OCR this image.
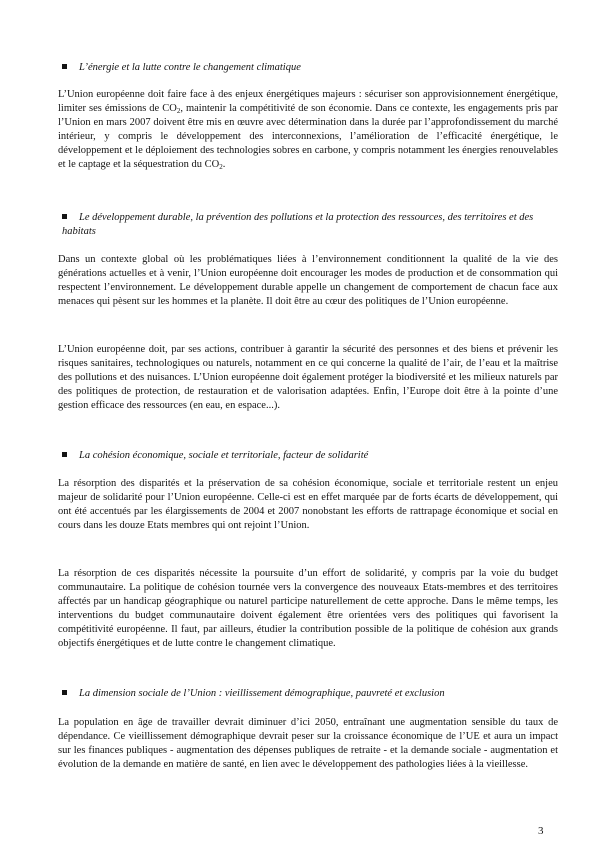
L’énergie et la lutte contre le changement climatique

L’Union européenne doit faire face à des enjeux énergétiques majeurs : sécuriser son approvisionnement énergétique, limiter ses émissions de $CO_2$, maintenir la compétitivité de son économie. Dans ce contexte, les engagements pris par l’Union en mars 2007 doivent être mis en œuvre avec détermination dans la durée par l’approfondissement du marché intérieur, y compris le développement des interconnexions, l’amélioration de l’efficacité énergétique, le développement et le déploiement des technologies sobres en carbone, y compris notamment les énergies renouvelables et le captage et la séquestration du $CO_2$.

Le développement durable, la prévention des pollutions et la protection des ressources, des territoires et des habitats

Dans un contexte global où les problématiques liées à l’environnement conditionnent la qualité de la vie des générations actuelles et à venir, l’Union européenne doit encourager les modes de production et de consommation qui respectent l’environnement. Le développement durable appelle un changement de comportement de chacun face aux menaces qui pèsent sur les hommes et la planète. Il doit être au cœur des politiques de l’Union européenne.

L’Union européenne doit, par ses actions, contribuer à garantir la sécurité des personnes et des biens et prévenir les risques sanitaires, technologiques ou naturels, notamment en ce qui concerne la qualité de l’air, de l’eau et la maîtrise des pollutions et des nuisances. L’Union européenne doit également protéger la biodiversité et les milieux naturels par des politiques de protection, de restauration et de valorisation adaptées. Enfin, l’Europe doit être à la pointe d’une gestion efficace des ressources (en eau, en espace...).

La cohésion économique, sociale et territoriale, facteur de solidarité

La résorption des disparités et la préservation de sa cohésion économique, sociale et territoriale restent un enjeu majeur de solidarité pour l’Union européenne. Celle-ci est en effet marquée par de forts écarts de développement, qui ont été accentués par les élargissements de 2004 et 2007 nonobstant les efforts de rattrapage économique et social en cours dans les douze Etats membres qui ont rejoint l’Union.

La résorption de ces disparités nécessite la poursuite d’un effort de solidarité, y compris par la voie du budget communautaire. La politique de cohésion tournée vers la convergence des nouveaux Etats-membres et des territoires affectés par un handicap géographique ou naturel participe naturellement de cette approche. Dans le même temps, les interventions du budget communautaire doivent également être orientées vers des politiques qui favorisent la compétitivité européenne. Il faut, par ailleurs, étudier la contribution possible de la politique de cohésion aux grands objectifs énergétiques et de lutte contre le changement climatique.

La dimension sociale de l’Union : vieillissement démographique, pauvreté et exclusion

La population en âge de travailler devrait diminuer d’ici 2050, entraînant une augmentation sensible du taux de dépendance. Ce vieillissement démographique devrait peser sur la croissance économique de l’UE et aura un impact sur les finances publiques - augmentation des dépenses publiques de retraite - et la demande sociale - augmentation et évolution de la demande en matière de santé, en lien avec le développement des pathologies liées à la vieillesse.

3
